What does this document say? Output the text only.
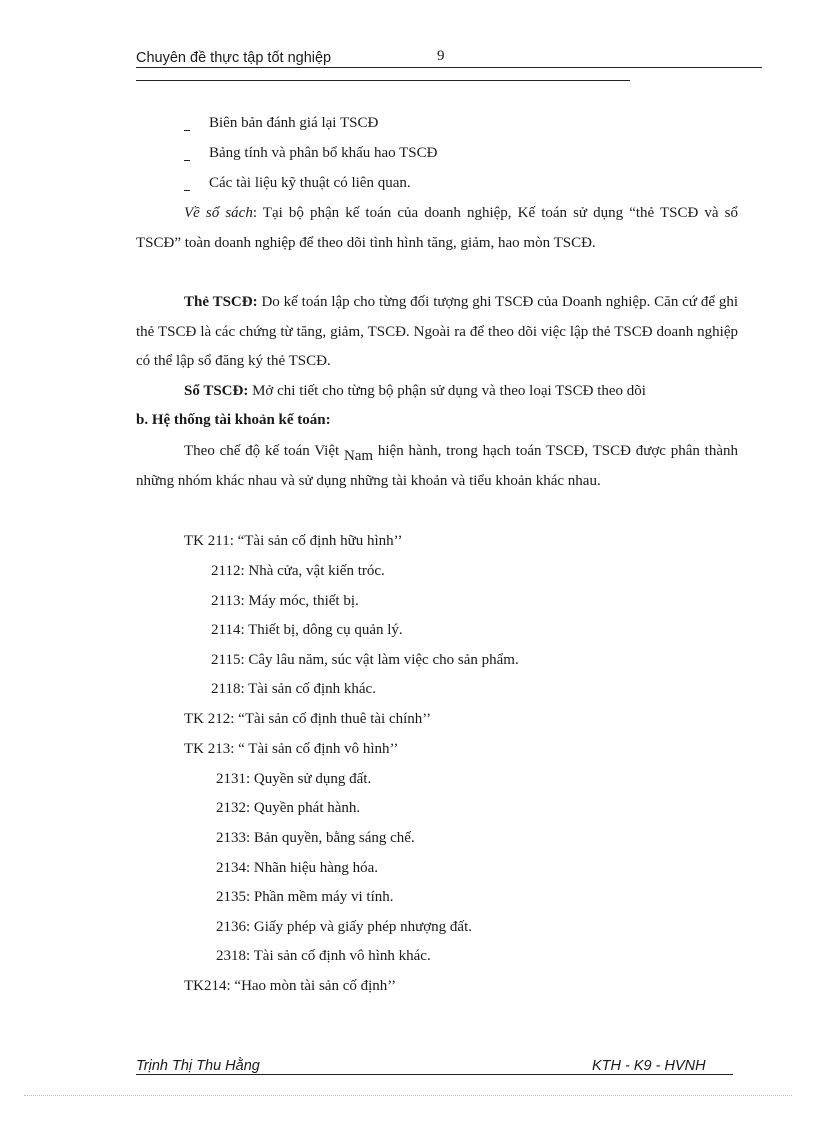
Chuyên đề thực tập tốt nghiệp	9
Biên bản đánh giá lại TSCĐ
Bảng tính và phân bổ khấu hao TSCĐ
Các tài liệu kỹ thuật có liên quan.

Về sổ sách: Tại bộ phận kế toán của doanh nghiệp, Kế toán sử dụng “thẻ TSCĐ và sổ TSCĐ” toàn doanh nghiệp để theo dõi tình hình tăng, giảm, hao mòn TSCĐ.

Thẻ TSCĐ: Do kế toán lập cho từng đối tượng ghi TSCĐ của Doanh nghiệp. Căn cứ để ghi thẻ TSCĐ là các chứng từ tăng, giảm, TSCĐ. Ngoài ra để theo dõi việc lập thẻ TSCĐ doanh nghiệp có thể lập sổ đăng ký thẻ TSCĐ.

Sổ TSCĐ: Mở chi tiết cho từng bộ phận sử dụng và theo loại TSCĐ theo dõi

b. Hệ thống tài khoản kế toán:

Theo chế độ kế toán Việt Nam hiện hành, trong hạch toán TSCĐ, TSCĐ được phân thành những nhóm khác nhau và sử dụng những tài khoản và tiểu khoản khác nhau.

TK 211: “Tài sản cố định hữu hình’’
2112: Nhà cửa, vật kiến tróc.
2113: Máy móc, thiết bị.
2114: Thiết bị, dông cụ quản lý.
2115: Cây lâu năm, súc vật làm việc cho sản phẩm.
2118: Tài sản cố định khác.
TK 212: “Tài sản cố định thuê tài chính’’
TK 213: “ Tài sản cố định vô hình’’
2131: Quyền sử dụng đất.
2132: Quyền phát hành.
2133: Bản quyền, bằng sáng chế.
2134: Nhãn hiệu hàng hóa.
2135: Phần mềm máy vi tính.
2136: Giấy phép và giấy phép nhượng đất.
2318: Tài sản cố định vô hình khác.
TK214: “Hao mòn tài sản cố định’’
Trịnh Thị Thu Hằng	KTH - K9 - HVNH
